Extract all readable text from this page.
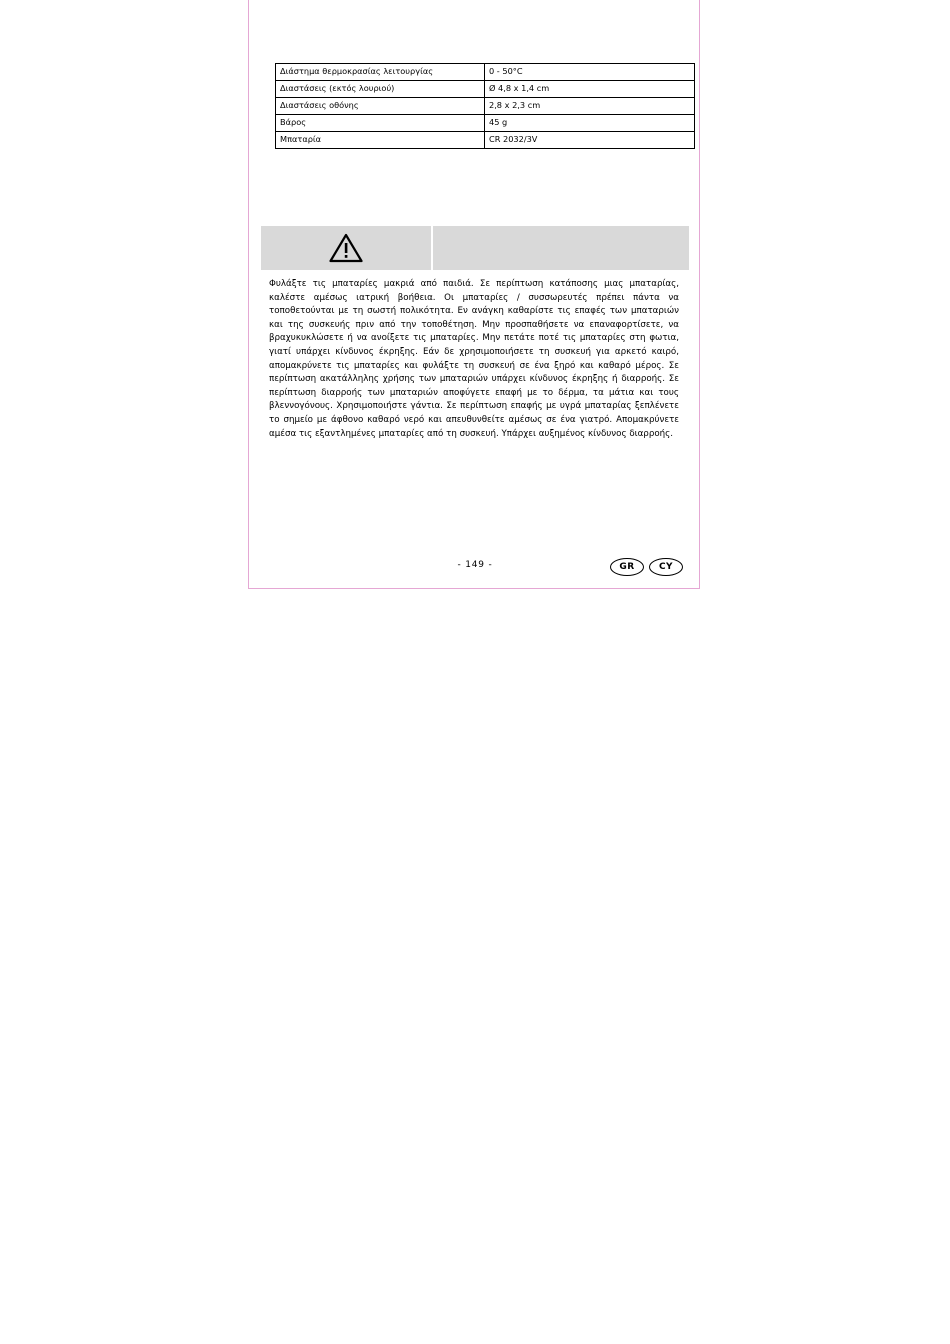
Διάστημα θερμοκρασίας λειτουργίας	0 - 50°C
Διαστάσεις (εκτός λουριού)	Ø 4,8 x 1,4 cm
Διαστάσεις οθόνης	2,8 x 2,3 cm
Βάρος	45 g
Μπαταρία	CR 2032/3V
Φυλάξτε τις μπαταρίες μακριά από παιδιά. Σε περίπτωση κατάποσης μιας μπαταρίας, καλέστε αμέσως ιατρική βοήθεια. Οι μπαταρίες / συσσωρευτές πρέπει πάντα να τοποθετούνται με τη σωστή πολικότητα. Εν ανάγκη καθαρίστε τις επαφές των μπαταριών και της συσκευής πριν από την τοποθέτηση. Μην προσπαθήσετε να επαναφορτίσετε, να βραχυκυκλώσετε ή να ανοίξετε τις μπαταρίες. Μην πετάτε ποτέ τις μπαταρίες στη φωτια, γιατί υπάρχει κίνδυνος έκρηξης. Εάν δε χρησιμοποιήσετε τη συσκευή για αρκετό καιρό, απομακρύνετε τις μπαταρίες και φυλάξτε τη συσκευή σε ένα ξηρό και καθαρό μέρος. Σε περίπτωση ακατάλληλης χρήσης των μπαταριών υπάρχει κίνδυνος έκρηξης ή διαρροής. Σε περίπτωση διαρροής των μπαταριών αποφύγετε επαφή με το δέρμα, τα μάτια και τους βλεννογόνους. Χρησιμοποιήστε γάντια. Σε περίπτωση επαφής με υγρά μπαταρίας ξεπλένετε το σημείο με άφθονο καθαρό νερό και απευθυνθείτε αμέσως σε ένα γιατρό. Απομακρύνετε αμέσα τις εξαντλημένες μπαταρίες από τη συσκευή. Υπάρχει αυξημένος κίνδυνος διαρροής.
- 149 -	GR	CY
